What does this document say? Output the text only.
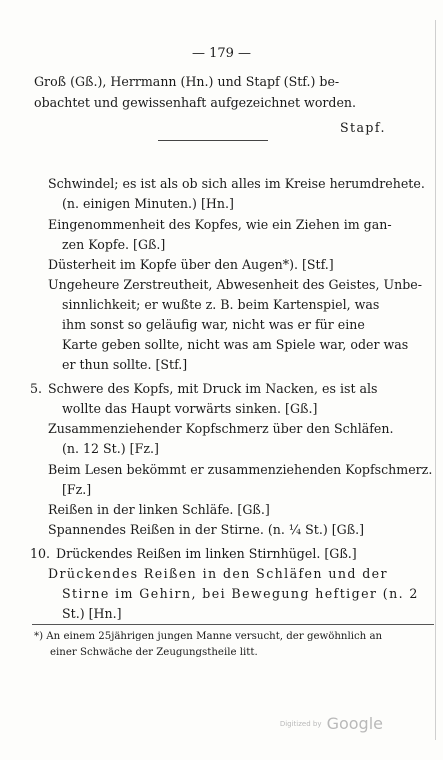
— 179 —
Groß (Gß.), Herrmann (Hn.) und Stapf (Stf.) be-
obachtet und gewissenhaft aufgezeichnet worden.
Stapf.
Schwindel; es ist als ob sich alles im Kreise herumdrehete.
(n. einigen Minuten.) [Hn.]
Eingenommenheit des Kopfes, wie ein Ziehen im gan-
zen Kopfe. [Gß.]
Düsterheit im Kopfe über den Augen*). [Stf.]
Ungeheure Zerstreutheit, Abwesenheit des Geistes, Unbe-
sinnlichkeit; er wußte z. B. beim Kartenspiel, was
ihm sonst so geläufig war, nicht was er für eine
Karte geben sollte, nicht was am Spiele war, oder was
er thun sollte. [Stf.]
5. Schwere des Kopfs, mit Druck im Nacken, es ist als
wollte das Haupt vorwärts sinken. [Gß.]
Zusammenziehender Kopfschmerz über den Schläfen.
(n. 12 St.) [Fz.]
Beim Lesen bekömmt er zusammenziehenden Kopfschmerz.
[Fz.]
Reißen in der linken Schläfe. [Gß.]
Spannendes Reißen in der Stirne. (n. ¼ St.) [Gß.]
10. Drückendes Reißen im linken Stirnhügel. [Gß.]
Drückendes Reißen in den Schläfen und der
Stirne im Gehirn, bei Bewegung heftiger (n. 2
St.) [Hn.]
*) An einem 25jährigen jungen Manne versucht, der gewöhnlich an
einer Schwäche der Zeugungstheile litt.
Digitized by Google
